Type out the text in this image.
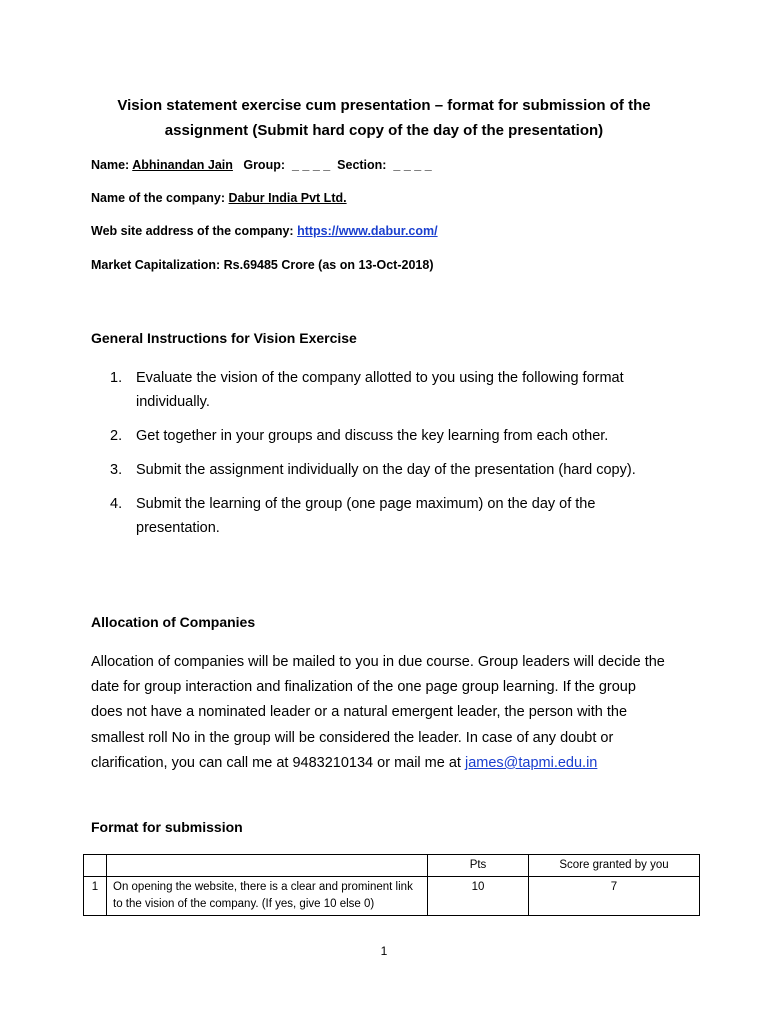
Vision statement exercise cum presentation – format for submission of the
assignment (Submit hard copy of the day of the presentation)
Name: Abhinandan Jain Group: _ _ _ _ Section: _ _ _ _
Name of the company: Dabur India Pvt Ltd.
Web site address of the company: https://www.dabur.com/
Market Capitalization: Rs.69485 Crore (as on 13-Oct-2018)
General Instructions for Vision Exercise
1. Evaluate the vision of the company allotted to you using the following format individually.
2. Get together in your groups and discuss the key learning from each other.
3. Submit the assignment individually on the day of the presentation (hard copy).
4. Submit the learning of the group (one page maximum) on the day of the presentation.
Allocation of Companies
Allocation of companies will be mailed to you in due course. Group leaders will decide the date for group interaction and finalization of the one page group learning. If the group does not have a nominated leader or a natural emergent leader, the person with the smallest roll No in the group will be considered the leader. In case of any doubt or clarification, you can call me at 9483210134 or mail me at james@tapmi.edu.in
Format for submission
		Pts	Score granted by you
1	On opening the website, there is a clear and prominent link to the vision of the company. (If yes, give 10 else 0)	10	7
1
